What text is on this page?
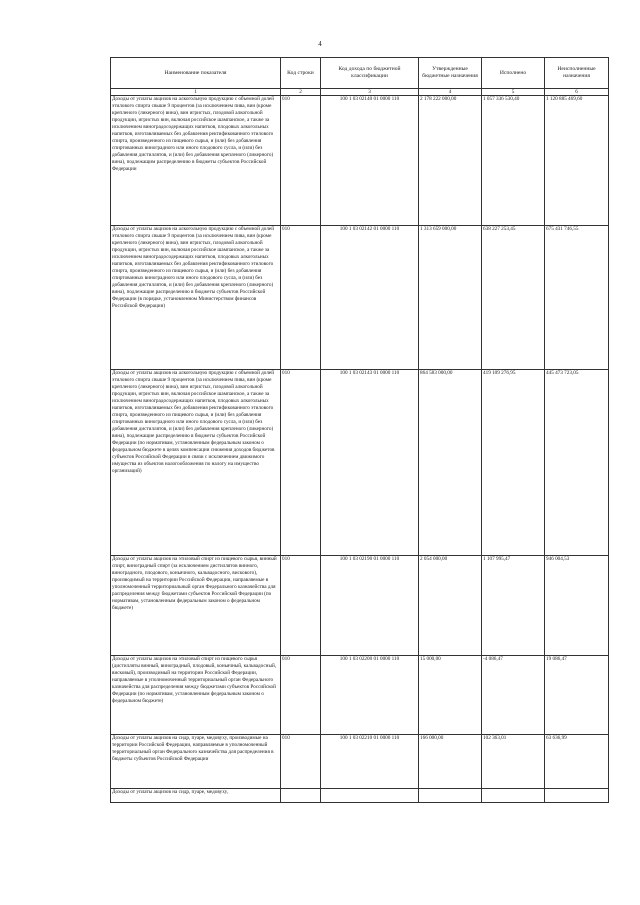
4
Наименование показателя	Код строки	Код дохода по бюджетной классификации	Утвержденные бюджетные назначения	Исполнено	Неисполненные назначения
1	2	3	4	5	6
Доходы от уплаты акцизов на алкогольную продукцию с объемной долей этилового спирта свыше 9 процентов (за исключением пива, вин (кроме крепленого (ликерного) вина), вин игристых, плодовой алкогольной продукции, игристых вин, включая российское шампанское, а также за исключением виноградосодержащих напитков, плодовых алкогольных напитков, изготавливаемых без добавления ректификованного этилового спирта, произведенного из пищевого сырья, и (или) без добавления спиртованных виноградного или иного плодового сусла, и (или) без добавления дистиллятов, и (или) без добавления крепленого (ликерного) вина), подлежащим распределению в бюджеты субъектов Российской Федерации	010	100 1 03 02140 01 0000 110	2 178 222 000,00	1 057 336 530,40	1 120 885 469,60
Доходы от уплаты акцизов на алкогольную продукцию с объемной долей этилового спирта свыше 9 процентов (за исключением пива, вин (кроме крепленого (ликерного) вина), вин игристых, плодовой алкогольной продукции, игристых вин, включая российское шампанское, а также за исключением виноградосодержащих напитков, плодовых алкогольных напитков, изготавливаемых без добавления ректификованного этилового спирта, произведенного из пищевого сырья, и (или) без добавления спиртованных виноградного или иного плодового сусла, и (или) без добавления дистиллятов, и (или) без добавления крепленого (ликерного) вина), подлежащие распределению в бюджеты субъектов Российской Федерации (в порядке, установленном Министерством финансов Российской Федерации)	010	100 1 03 02142 01 0000 110	1 313 659 000,00	638 227 253,45	675 431 746,55
Доходы от уплаты акцизов на алкогольную продукцию с объемной долей этилового спирта свыше 9 процентов (за исключением пива, вин (кроме крепленого (ликерного) вина), вин игристых, плодовой алкогольной продукции, игристых вин, включая российское шампанское, а также за исключением виноградосодержащих напитков, плодовых алкогольных напитков, изготавливаемых без добавления ректификованного этилового спирта, произведенного из пищевого сырья, и (или) без добавления спиртованных виноградного или иного плодового сусла, и (или) без добавления дистиллятов, и (или) без добавления крепленого (ликерного) вина), подлежащие распределению в бюджеты субъектов Российской Федерации (по нормативам, установленным федеральным законом о федеральном бюджете в целях компенсации снижения доходов бюджетов субъектов Российской Федерации в связи с исключением движимого имущества из объектов налогообложения по налогу на имущество организаций)	010	100 1 03 02143 01 0000 110	864 583 000,00	419 109 276,95	445 473 723,05
Доходы от уплаты акцизов на этиловый спирт из пищевого сырья, винный спирт, виноградный спирт (за исключением дистиллятов винного, виноградного, плодового, коньячного, кальвадосного, вискового), производимый на территории Российской Федерации, направляемые в уполномоченный территориальный орган Федерального казначейства для распределения между бюджетами субъектов Российской Федерации (по нормативам, установленным федеральным законом о федеральном бюджете)	010	100 1 03 02190 01 0000 110	2 054 000,00	1 107 995,47	946 004,53
Доходы от уплаты акцизов на этиловый спирт из пищевого сырья (дистилляты винный, виноградный, плодовый, коньячный, кальвадосный, висковый), производимый на территории Российской Федерации, направляемые в уполномоченный территориальный орган Федерального казначейства для распределения между бюджетами субъектов Российской Федерации (по нормативам, установленным федеральным законом о федеральном бюджете)	010	100 1 03 02200 01 0000 110	15 000,00	-4 086,47	19 086,47
Доходы от уплаты акцизов на сидр, пуаре, медовуху, производимые на территории Российской Федерации, направляемые в уполномоченный территориальный орган Федерального казначейства для распределения в бюджеты субъектов Российской Федерации	010	100 1 03 02210 01 0000 110	166 000,00	102 363,01	63 636,99
Доходы от уплаты акцизов на сидр, пуаре, медовуху,					
